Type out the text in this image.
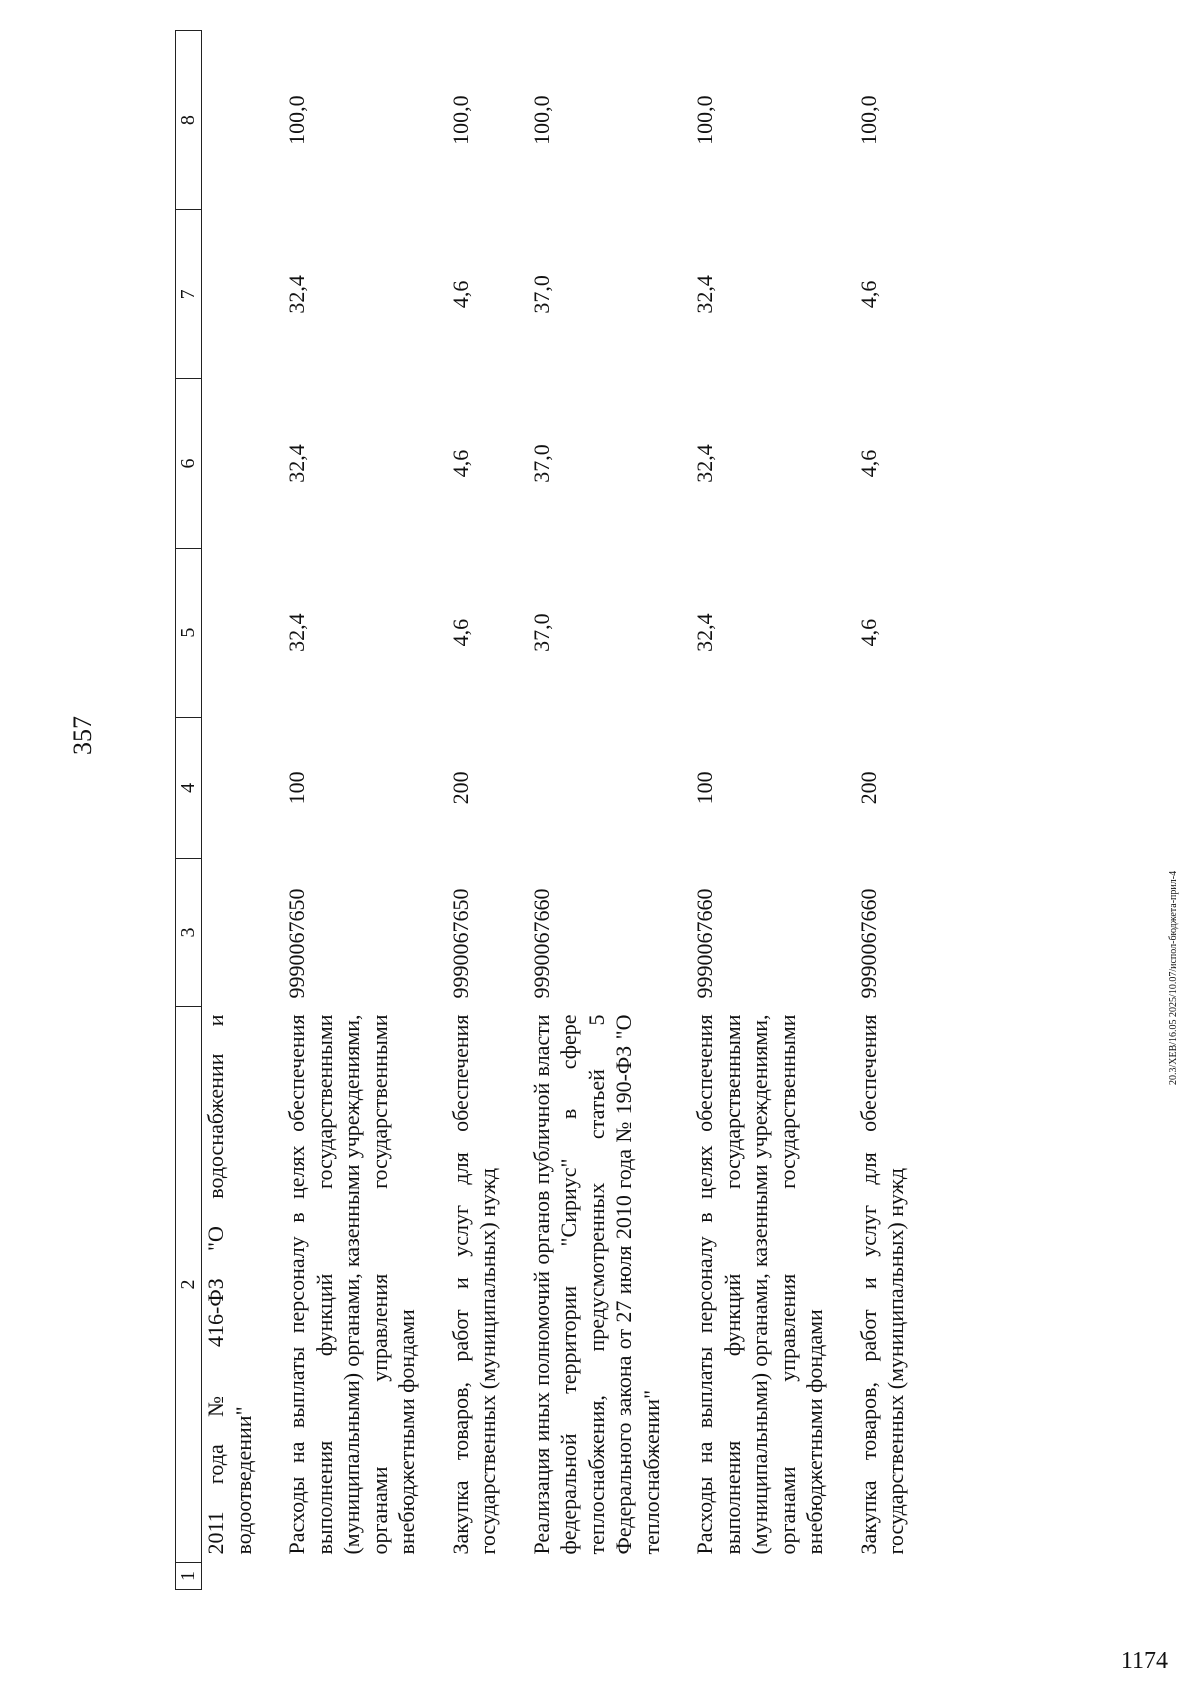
357
1	2	3	4	5	6	7	8
	2011 года № 416-ФЗ "О водоснабжении и водоотведении"						
	Расходы на выплаты персоналу в целях обеспечения выполнения функций государственными (муниципальными) органами, казенными учреждениями, органами управления государственными внебюджетными фондами	9990067650	100	32,4	32,4	32,4	100,0
	Закупка товаров, работ и услуг для обеспечения государственных (муниципальных) нужд	9990067650	200	4,6	4,6	4,6	100,0
	Реализация иных полномочий органов публичной власти федеральной территории "Сириус" в сфере теплоснабжения, предусмотренных статьей 5 Федерального закона от 27 июля 2010 года № 190-ФЗ "О теплоснабжении"	9990067660		37,0	37,0	37,0	100,0
	Расходы на выплаты персоналу в целях обеспечения выполнения функций государственными (муниципальными) органами, казенными учреждениями, органами управления государственными внебюджетными фондами	9990067660	100	32,4	32,4	32,4	100,0
	Закупка товаров, работ и услуг для обеспечения государственных (муниципальных) нужд	9990067660	200	4,6	4,6	4,6	100,0
20.3/ХЕВ/16.05 2025/10.07/испол-бюджета-прил-4
1174
